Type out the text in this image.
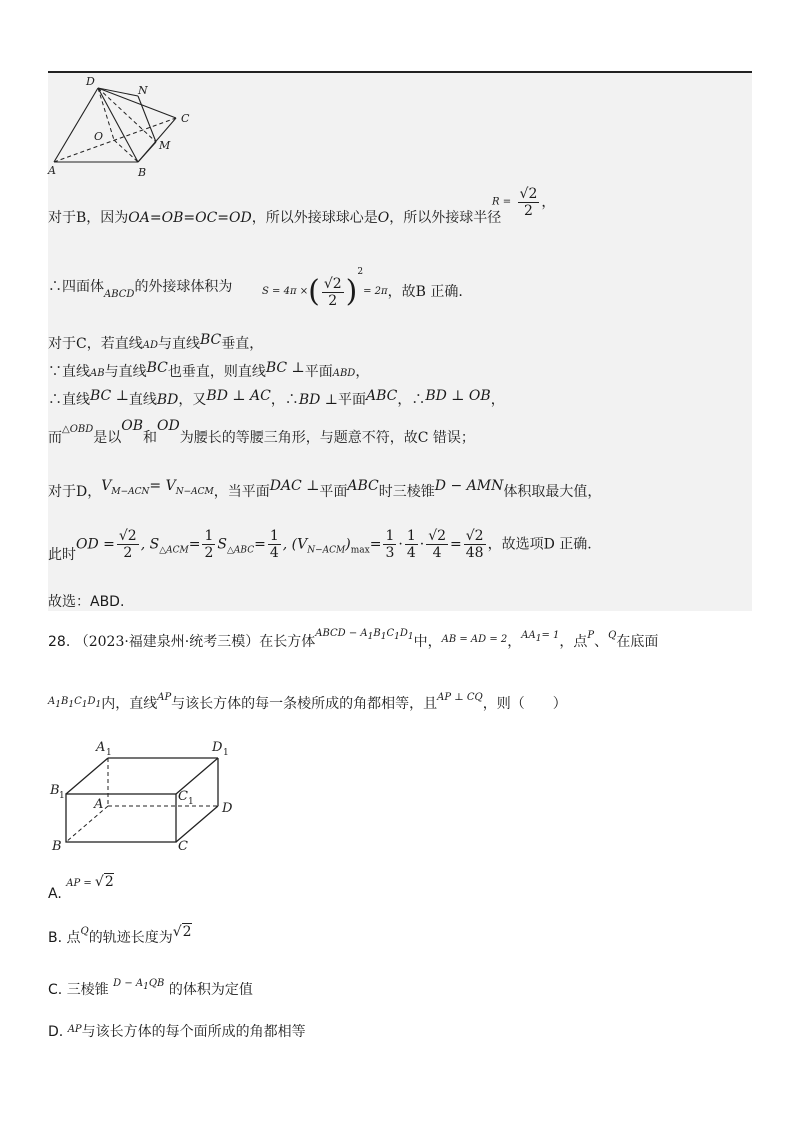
D
N
C
O
M
A	B
对于B，因为OA=OB=OC=OD，所以外接球球心是O，所以外接球半径
$R = \frac{√2}{2}$ ，
∴四面体$_{ABCD}$的外接球体积为	S = 4π ×( $\frac{√2}{2} )^2= 2\pi$，故B 正确.
对于C，若直线AD与直线BC垂直，
∵直线AB与直线BC也垂直，则直线BC ⊥平面ABD，
∴直线BC ⊥直线BD，又BD ⊥ AC，∴BD ⊥平面ABC，∴BD ⊥ OB，
而$^{\triangle OBD}$是以OB和OD为腰长的等腰三角形，与题意不符，故C 错误；
对于D，$V_{M-ACN}= V_{N-ACM}$，当平面DAC ⊥平面ABC时三棱锥D − AMN体积取最大值，
此时OD = $\frac{√2}{2}$ , $S_{\triangle ACM}= \frac{1}{2} S_{\triangle ABC}= \frac{1}{4}$ , $(V_{N-ACM})_{max}= \frac{1}{3} \cdot \frac{1}{4} \cdot \frac{√2}{4} = \frac{√2}{48}$ ，故选项D 正确.
故选：ABD.
28. （2023·福建泉州·统考三模）在长方体$^{ABCD - A_1B_1C_1D_1}$中，$^{AB = AD = 2}$，$^{AA_1= 1}$，点$^P$、$^Q$在底面
$^{A_1B_1C_1D_1}$内，直线$^{AP}$与该长方体的每一条棱所成的角都相等，且$^{AP \perp CQ}$，则（　　）
A 1	D 1
B 1
A
C 1 D
B	C
A. $^{AP =}$ √2
B. 点$^Q$的轨迹长度为√2
C. 三棱锥 $^{D - A_1QB}$ 的体积为定值
D. $^{AP}$与该长方体的每个面所成的角都相等
